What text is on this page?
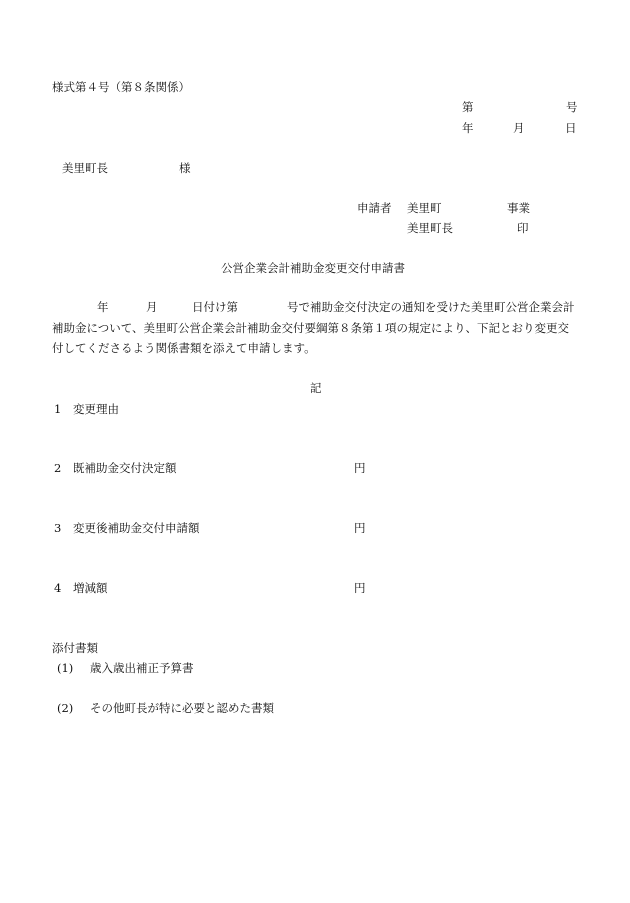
様式第４号（第８条関係）
第	号
年	月	日
美里町長	様
申請者 美里町	事業
美里町長	印
公営企業会計補助金変更交付申請書
年	月	日付け第	号で補助金交付決定の通知を受けた美里町公営企業会計
補助金について、美里町公営企業会計補助金交付要綱第８条第１項の規定により、下記とおり変更交
付してくださるよう関係書類を添えて申請します。
記
1 変更理由
2 既補助金交付決定額	円
3 変更後補助金交付申請額	円
4 増減額	円
添付書類
(1) 歳入歳出補正予算書
(2) その他町長が特に必要と認めた書類
